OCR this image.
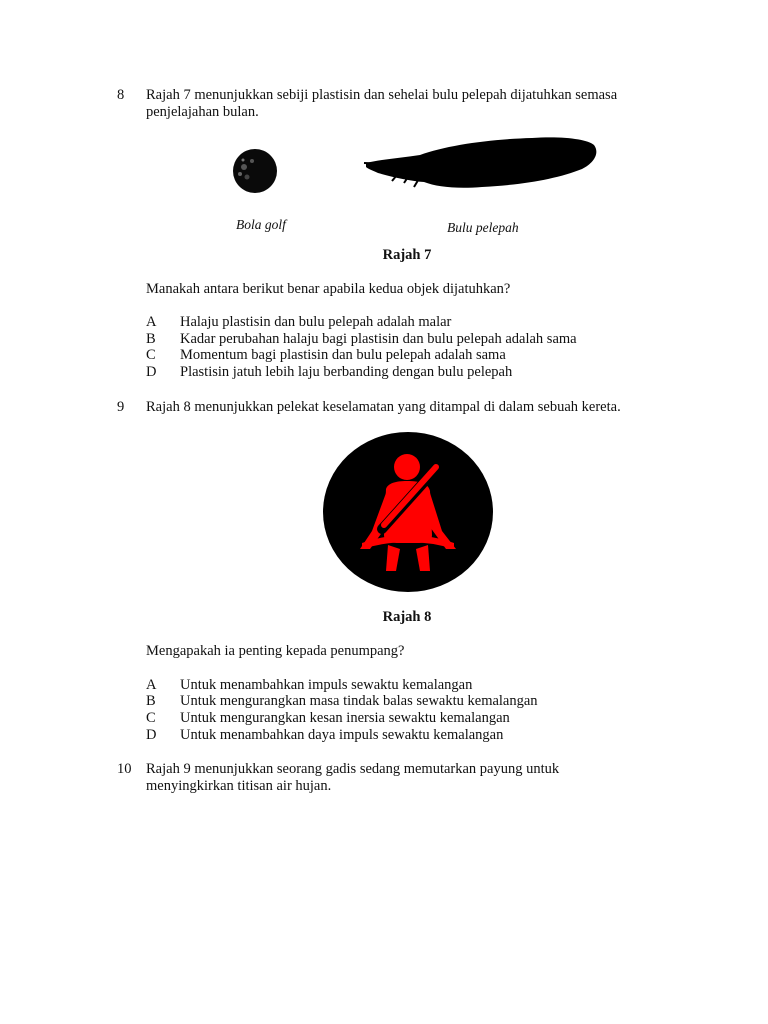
8 Rajah 7 menunjukkan sebiji plastisin dan sehelai bulu pelepah dijatuhkan semasa
penjelajahan bulan.
Bola golf	Bulu pelepah
Rajah 7
Manakah antara berikut benar apabila kedua objek dijatuhkan?
A Halaju plastisin dan bulu pelepah adalah malar
B Kadar perubahan halaju bagi plastisin dan bulu pelepah adalah sama
C Momentum bagi plastisin dan bulu pelepah adalah sama
D Plastisin jatuh lebih laju berbanding dengan bulu pelepah
9 Rajah 8 menunjukkan pelekat keselamatan yang ditampal di dalam sebuah kereta.
Rajah 8
Mengapakah ia penting kepada penumpang?
A Untuk menambahkan impuls sewaktu kemalangan
B Untuk mengurangkan masa tindak balas sewaktu kemalangan
C Untuk mengurangkan kesan inersia sewaktu kemalangan
D Untuk menambahkan daya impuls sewaktu kemalangan
10 Rajah 9 menunjukkan seorang gadis sedang memutarkan payung untuk
menyingkirkan titisan air hujan.
